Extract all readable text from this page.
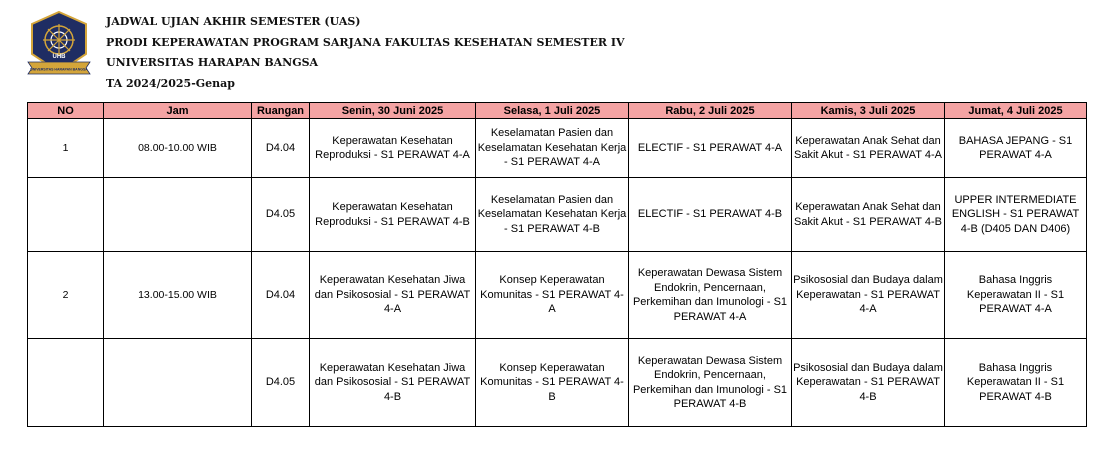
UHB
UNIVERSITAS HARAPAN BANGSA
JADWAL UJIAN AKHIR SEMESTER (UAS)
PRODI KEPERAWATAN PROGRAM SARJANA FAKULTAS KESEHATAN SEMESTER IV
UNIVERSITAS HARAPAN BANGSA
TA 2024/2025-Genap
NO	Jam	Ruangan	Senin, 30 Juni 2025	Selasa, 1 Juli 2025	Rabu, 2 Juli 2025	Kamis, 3 Juli 2025	Jumat, 4 Juli 2025
1	08.00-10.00 WIB	D4.04	Keperawatan Kesehatan Reproduksi - S1 PERAWAT 4-A	Keselamatan Pasien dan Keselamatan Kesehatan Kerja - S1 PERAWAT 4-A	ELECTIF - S1 PERAWAT 4-A	Keperawatan Anak Sehat dan Sakit Akut - S1 PERAWAT 4-A	BAHASA JEPANG - S1 PERAWAT 4-A
		D4.05	Keperawatan Kesehatan Reproduksi - S1 PERAWAT 4-B	Keselamatan Pasien dan Keselamatan Kesehatan Kerja - S1 PERAWAT 4-B	ELECTIF - S1 PERAWAT 4-B	Keperawatan Anak Sehat dan Sakit Akut - S1 PERAWAT 4-B	UPPER INTERMEDIATE ENGLISH - S1 PERAWAT 4-B (D405 DAN D406)
2	13.00-15.00 WIB	D4.04	Keperawatan Kesehatan Jiwa dan Psikososial - S1 PERAWAT 4-A	Konsep Keperawatan Komunitas - S1 PERAWAT 4-A	Keperawatan Dewasa Sistem Endokrin, Pencernaan, Perkemihan dan Imunologi - S1 PERAWAT 4-A	Psikososial dan Budaya dalam Keperawatan - S1 PERAWAT 4-A	Bahasa Inggris Keperawatan II - S1 PERAWAT 4-A
		D4.05	Keperawatan Kesehatan Jiwa dan Psikososial - S1 PERAWAT 4-B	Konsep Keperawatan Komunitas - S1 PERAWAT 4-B	Keperawatan Dewasa Sistem Endokrin, Pencernaan, Perkemihan dan Imunologi - S1 PERAWAT 4-B	Psikososial dan Budaya dalam Keperawatan - S1 PERAWAT 4-B	Bahasa Inggris Keperawatan II - S1 PERAWAT 4-B
